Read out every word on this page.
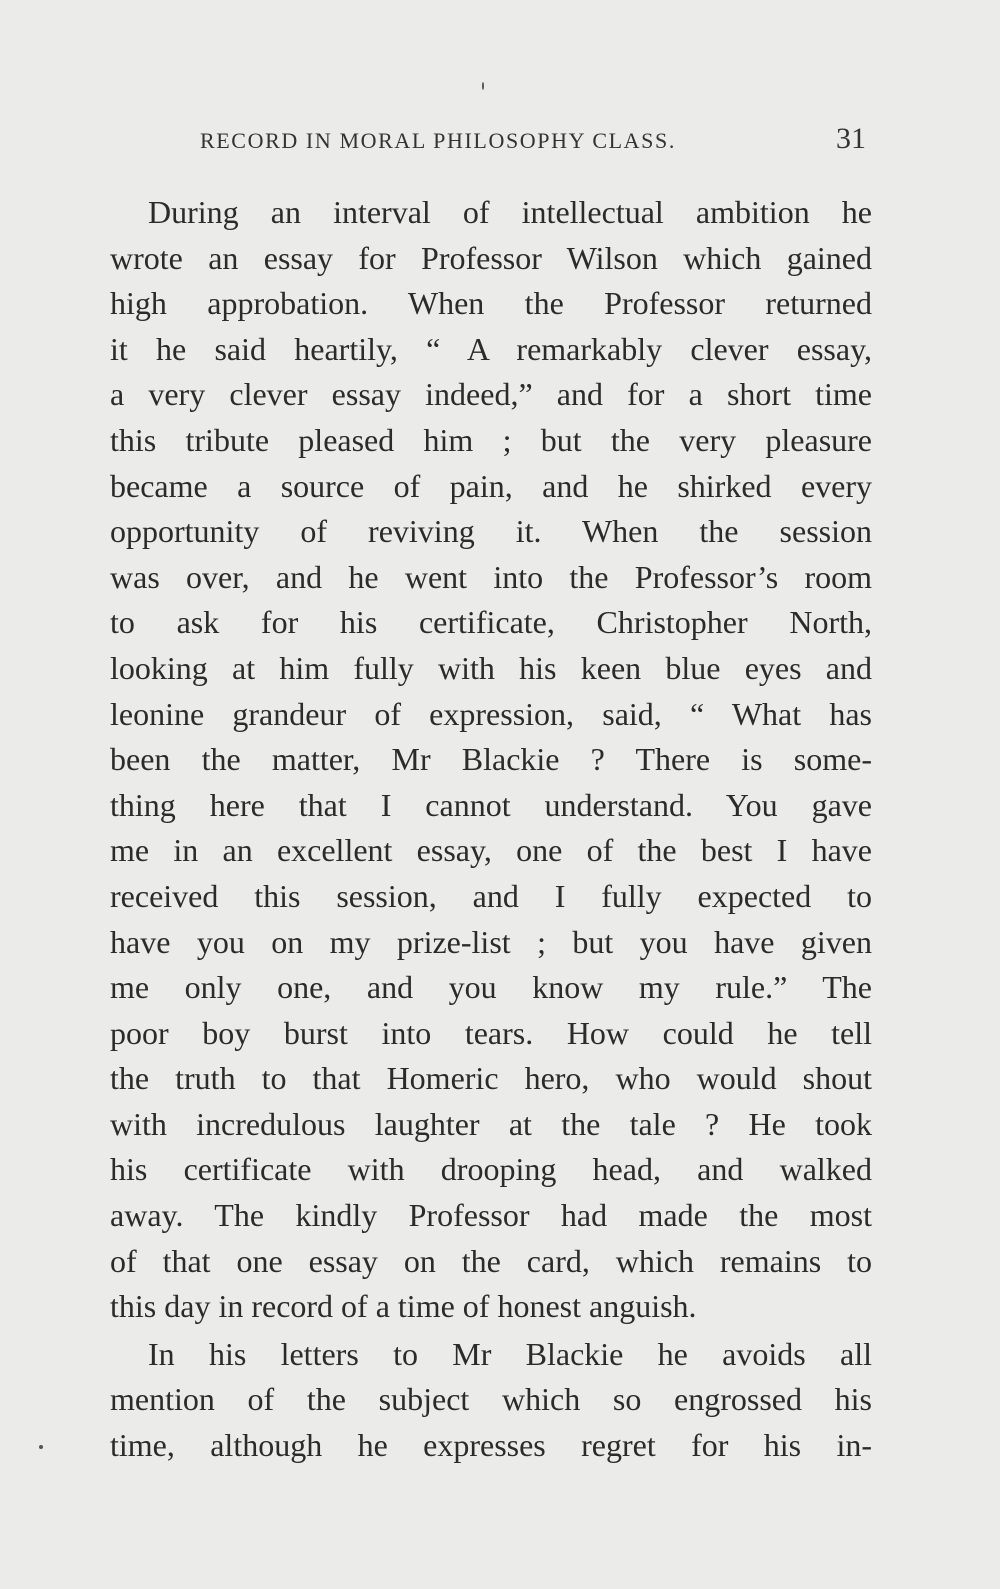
RECORD IN MORAL PHILOSOPHY CLASS.	31
During an interval of intellectual ambition he
wrote an essay for Professor Wilson which gained
high approbation. When the Professor returned
it he said heartily, “ A remarkably clever essay,
a very clever essay indeed,” and for a short time
this tribute pleased him ; but the very pleasure
became a source of pain, and he shirked every
opportunity of reviving it. When the session
was over, and he went into the Professor’s room
to ask for his certificate, Christopher North,
looking at him fully with his keen blue eyes and
leonine grandeur of expression, said, “ What has
been the matter, Mr Blackie ? There is some-
thing here that I cannot understand. You gave
me in an excellent essay, one of the best I have
received this session, and I fully expected to
have you on my prize-list ; but you have given
me only one, and you know my rule.” The
poor boy burst into tears. How could he tell
the truth to that Homeric hero, who would shout
with incredulous laughter at the tale ? He took
his certificate with drooping head, and walked
away. The kindly Professor had made the most
of that one essay on the card, which remains to
this day in record of a time of honest anguish.
In his letters to Mr Blackie he avoids all
mention of the subject which so engrossed his
time, although he expresses regret for his in-
